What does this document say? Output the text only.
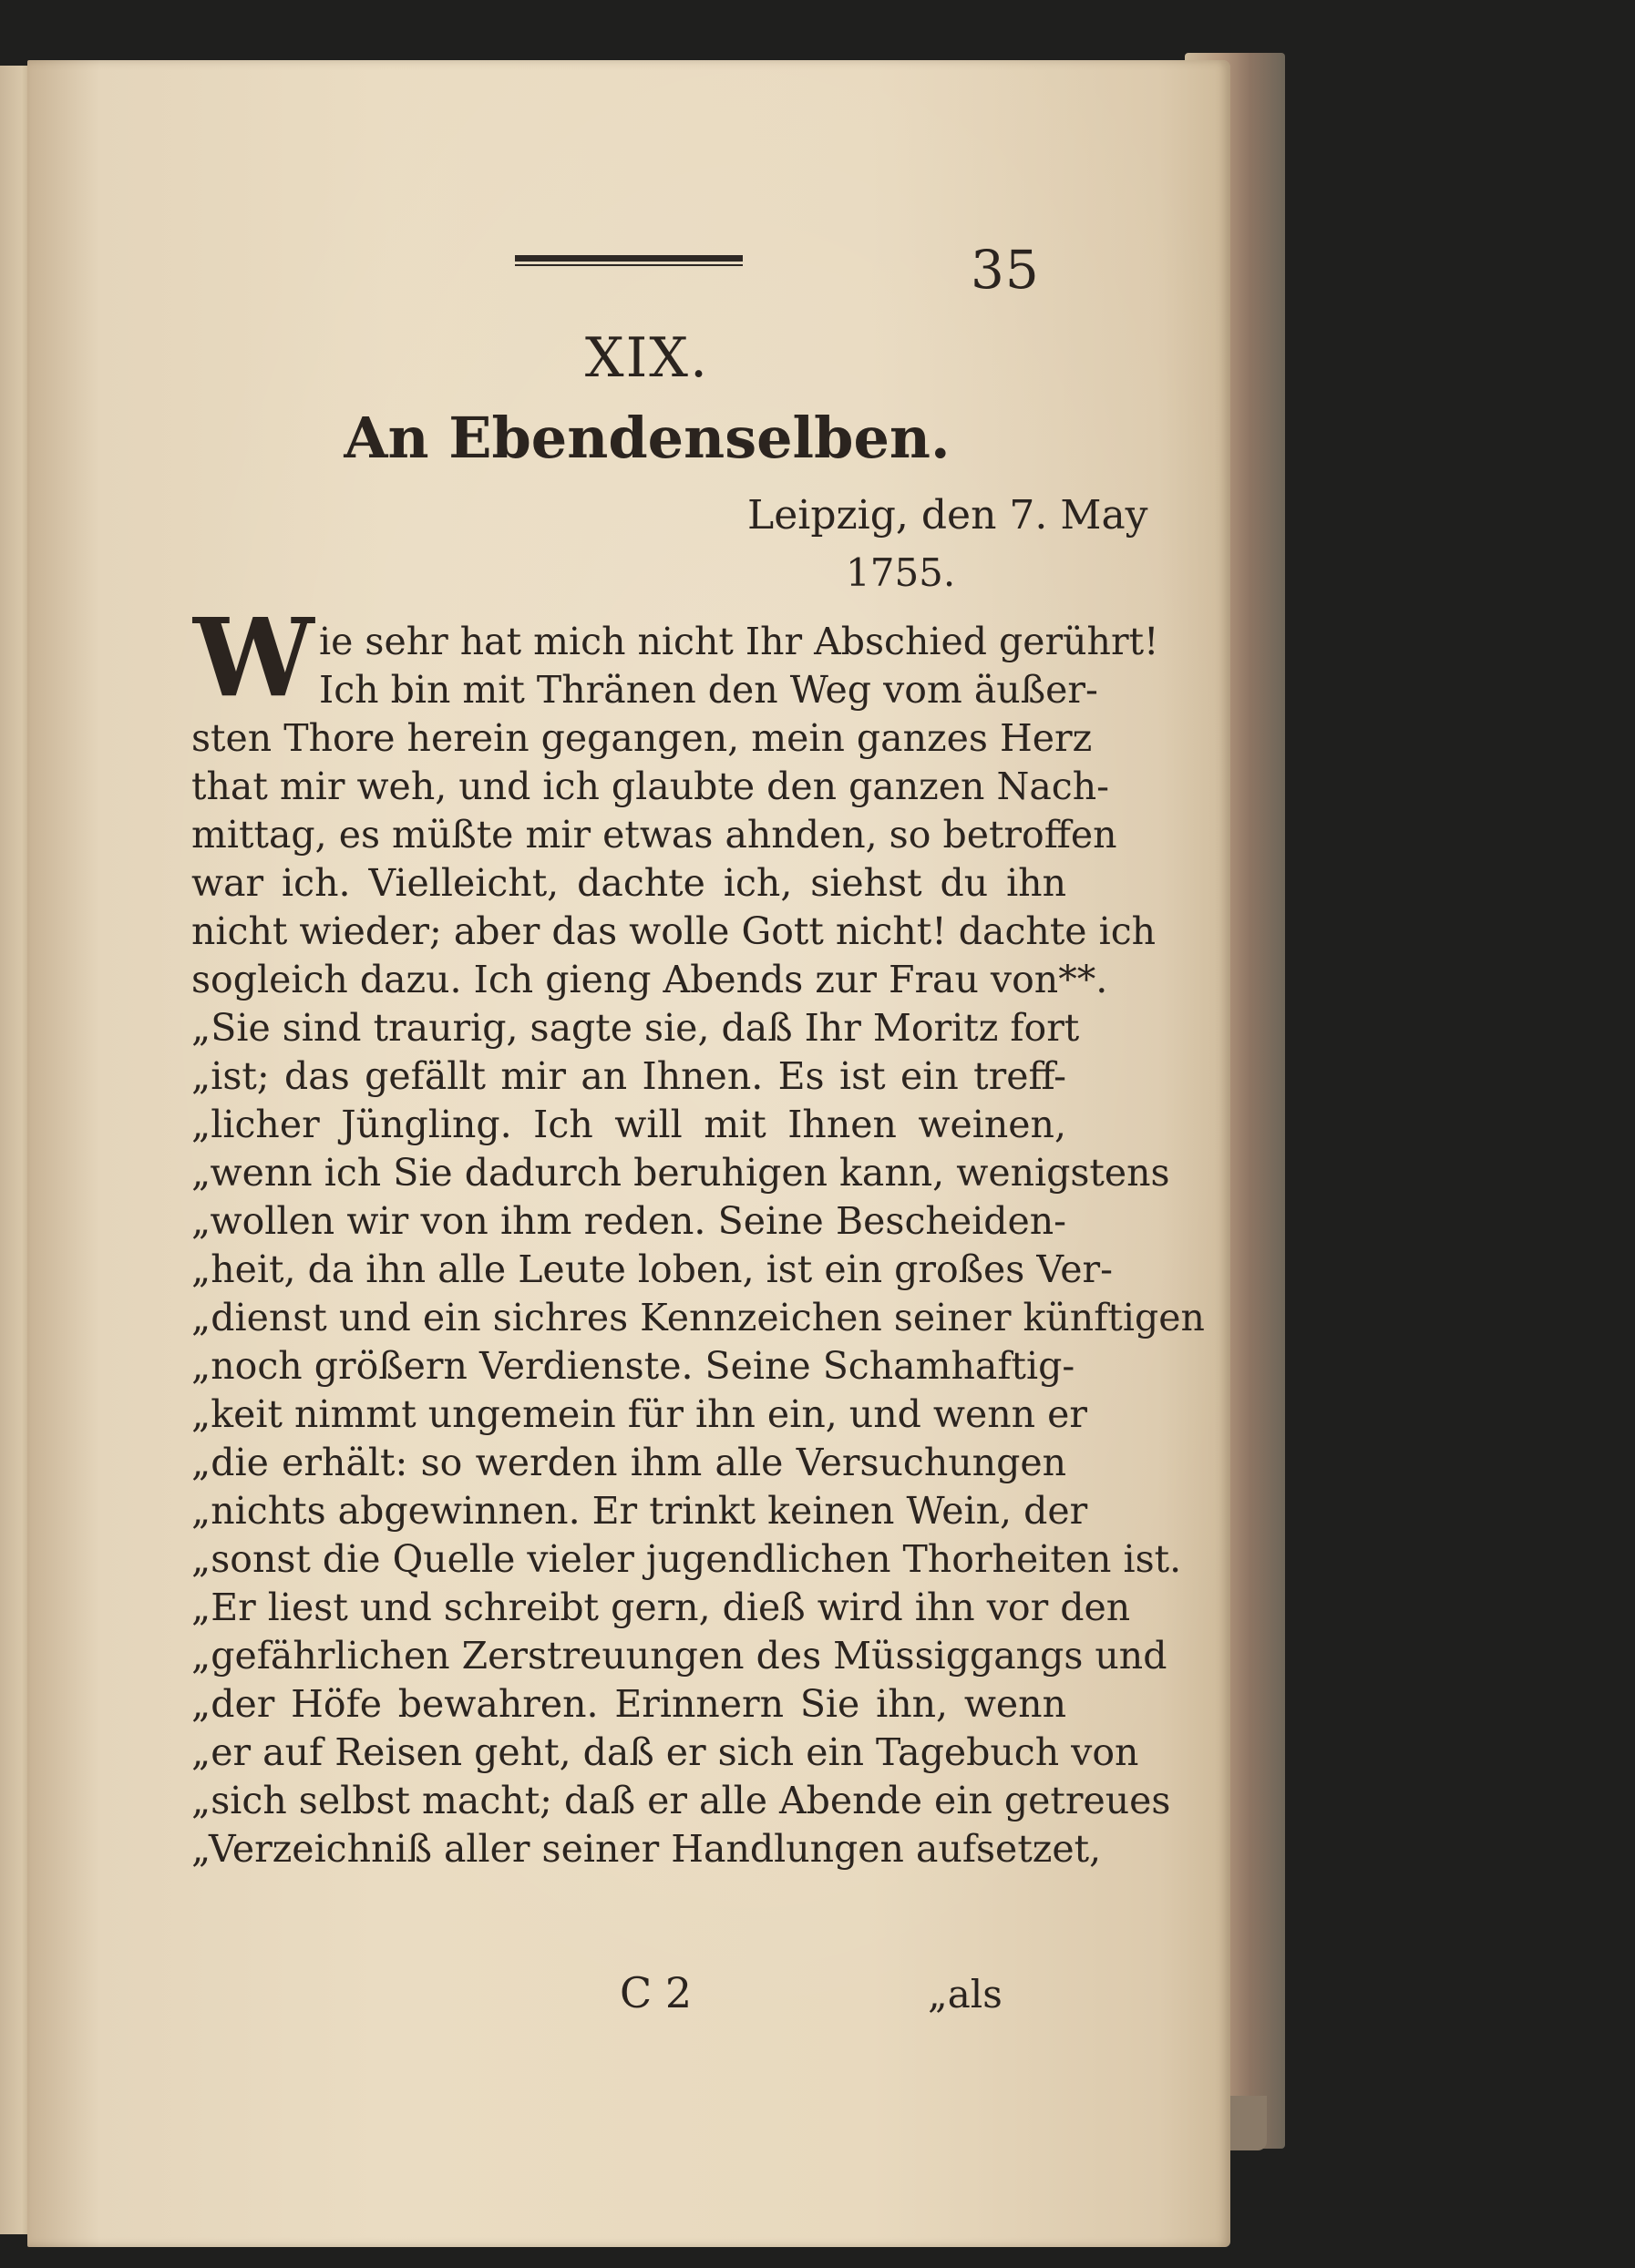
35
XIX.
An Ebendenselben.
Leipzig, den 7. May
1755.
W ie sehr hat mich nicht Ihr Abschied gerührt!
Ich bin mit Thränen den Weg vom äußer-
sten Thore herein gegangen, mein ganzes Herz
that mir weh, und ich glaubte den ganzen Nach-
mittag, es müßte mir etwas ahnden, so betroffen
war ich. Vielleicht, dachte ich, siehst du ihn
nicht wieder; aber das wolle Gott nicht! dachte ich
sogleich dazu. Ich gieng Abends zur Frau von**.
„Sie sind traurig, sagte sie, daß Ihr Moritz fort
„ist; das gefällt mir an Ihnen. Es ist ein treff-
„licher Jüngling. Ich will mit Ihnen weinen,
„wenn ich Sie dadurch beruhigen kann, wenigstens
„wollen wir von ihm reden. Seine Bescheiden-
„heit, da ihn alle Leute loben, ist ein großes Ver-
„dienst und ein sichres Kennzeichen seiner künftigen
„noch größern Verdienste. Seine Schamhaftig-
„keit nimmt ungemein für ihn ein, und wenn er
„die erhält: so werden ihm alle Versuchungen
„nichts abgewinnen. Er trinkt keinen Wein, der
„sonst die Quelle vieler jugendlichen Thorheiten ist.
„Er liest und schreibt gern, dieß wird ihn vor den
„gefährlichen Zerstreuungen des Müssiggangs und
„der Höfe bewahren. Erinnern Sie ihn, wenn
„er auf Reisen geht, daß er sich ein Tagebuch von
„sich selbst macht; daß er alle Abende ein getreues
„Verzeichniß aller seiner Handlungen aufsetzet,
C 2	„als
